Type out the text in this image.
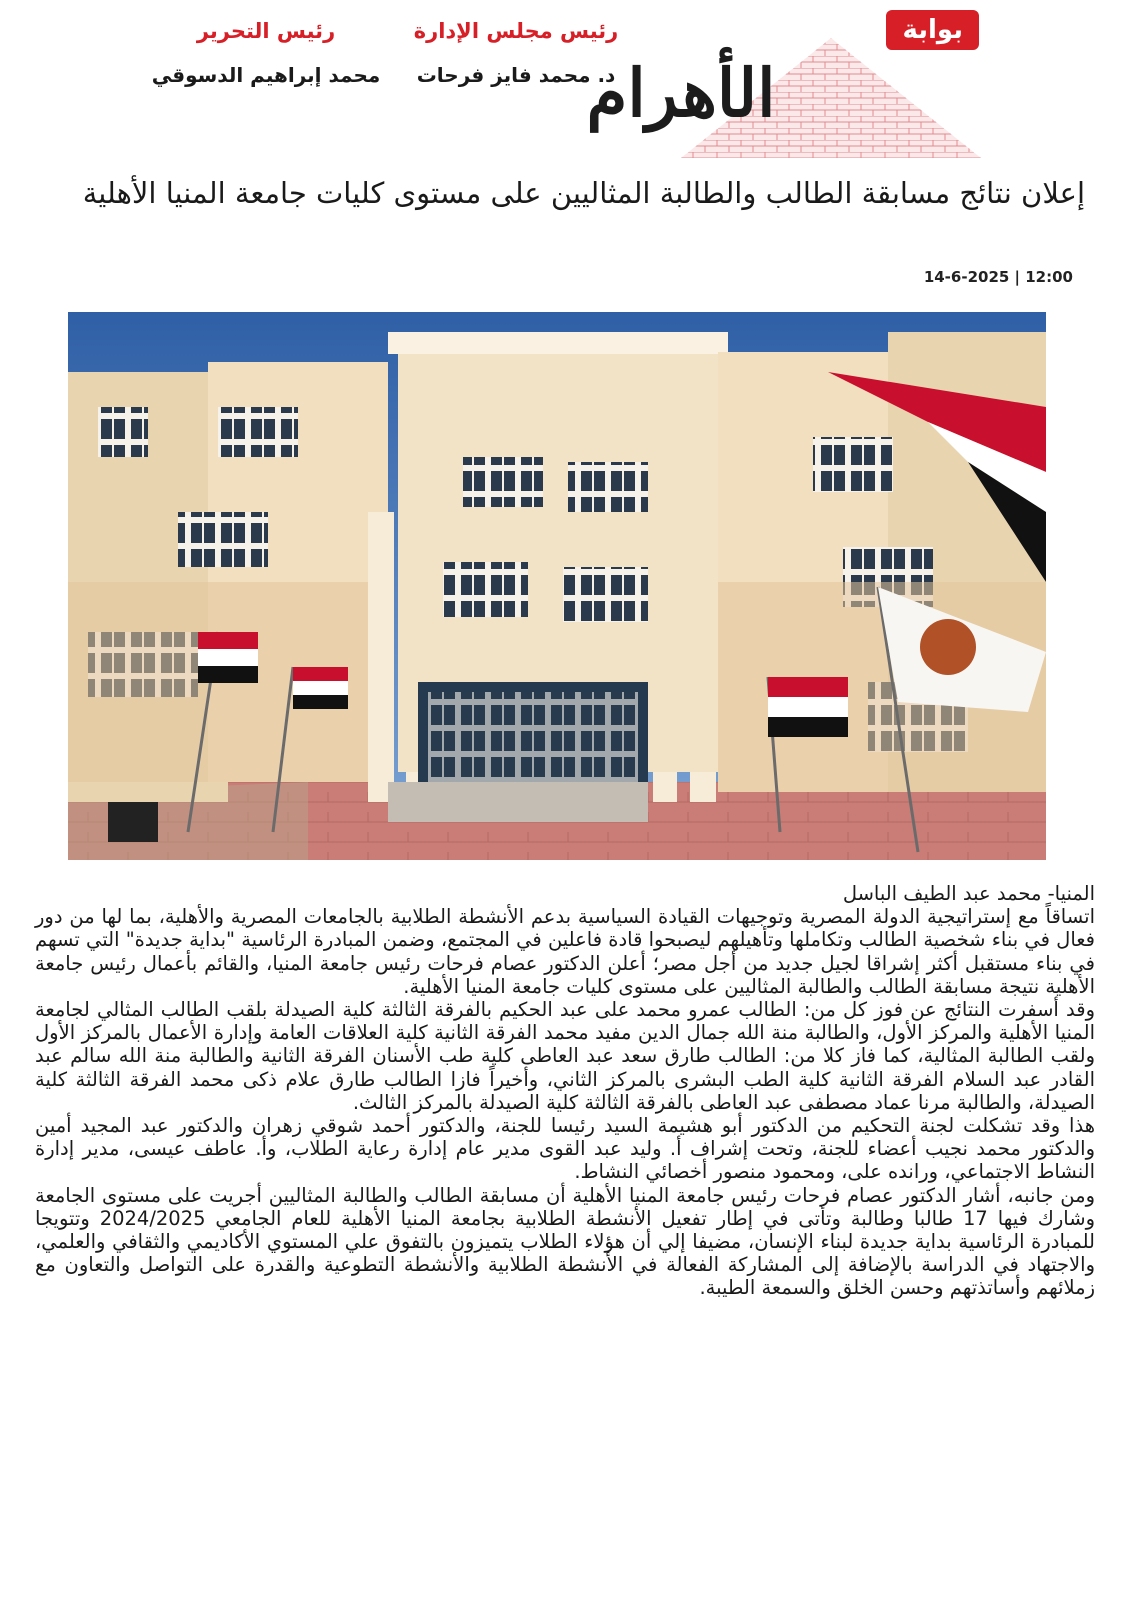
الأهرام
بوابة
رئيس مجلس الإدارة
د. محمد فايز فرحات
رئيس التحرير
محمد إبراهيم الدسوقي
إعلان نتائج مسابقة الطالب والطالبة المثاليين على مستوى كليات جامعة المنيا الأهلية
14-6-2025 | 12:00

المنيا- محمد عبد الطيف الباسل

اتساقاً مع إستراتيجية الدولة المصرية وتوجيهات القيادة السياسية بدعم الأنشطة الطلابية بالجامعات المصرية والأهلية، بما لها من دور فعال في بناء شخصية الطالب وتكاملها وتأهيلهم ليصبحوا قادة فاعلين في المجتمع، وضمن المبادرة الرئاسية "بداية جديدة" التي تسهم في بناء مستقبل أكثر إشراقا لجيل جديد من أجل مصر؛ أعلن الدكتور عصام فرحات رئيس جامعة المنيا، والقائم بأعمال رئيس جامعة الأهلية نتيجة مسابقة الطالب والطالبة المثاليين على مستوى كليات جامعة المنيا الأهلية.

وقد أسفرت النتائج عن فوز كل من: الطالب عمرو محمد على عبد الحكيم بالفرقة الثالثة كلية الصيدلة بلقب الطالب المثالي لجامعة المنيا الأهلية والمركز الأول، والطالبة منة الله جمال الدين مفيد محمد الفرقة الثانية كلية العلاقات العامة وإدارة الأعمال بالمركز الأول ولقب الطالبة المثالية، كما فاز كلا من: الطالب طارق سعد عبد العاطى كلية طب الأسنان الفرقة الثانية والطالبة منة الله سالم عبد القادر عبد السلام الفرقة الثانية كلية الطب البشرى بالمركز الثاني، وأخيراً فازا الطالب طارق علام ذكى محمد الفرقة الثالثة كلية الصيدلة، والطالبة مرنا عماد مصطفى عبد العاطى بالفرقة الثالثة كلية الصيدلة بالمركز الثالث.

هذا وقد تشكلت لجنة التحكيم من الدكتور أبو هشيمة السيد رئيسا للجنة، والدكتور أحمد شوقي زهران والدكتور عبد المجيد أمين والدكتور محمد نجيب أعضاء للجنة، وتحت إشراف أ. وليد عبد القوى مدير عام إدارة رعاية الطلاب، وأ. عاطف عيسى، مدير إدارة النشاط الاجتماعي، ورانده على، ومحمود منصور أخصائي النشاط.

ومن جانبه، أشار الدكتور عصام فرحات رئيس جامعة المنيا الأهلية أن مسابقة الطالب والطالبة المثاليين أجريت على مستوى الجامعة وشارك فيها 17 طالبا وطالبة وتأتى في إطار تفعيل الأنشطة الطلابية بجامعة المنيا الأهلية للعام الجامعي 2024/2025 وتتويجا للمبادرة الرئاسية بداية جديدة لبناء الإنسان، مضيفا إلي أن هؤلاء الطلاب يتميزون بالتفوق علي المستوي الأكاديمي والثقافي والعلمي، والاجتهاد في الدراسة بالإضافة إلى المشاركة الفعالة في الأنشطة الطلابية والأنشطة التطوعية والقدرة على التواصل والتعاون مع زملائهم وأساتذتهم وحسن الخلق والسمعة الطيبة.
